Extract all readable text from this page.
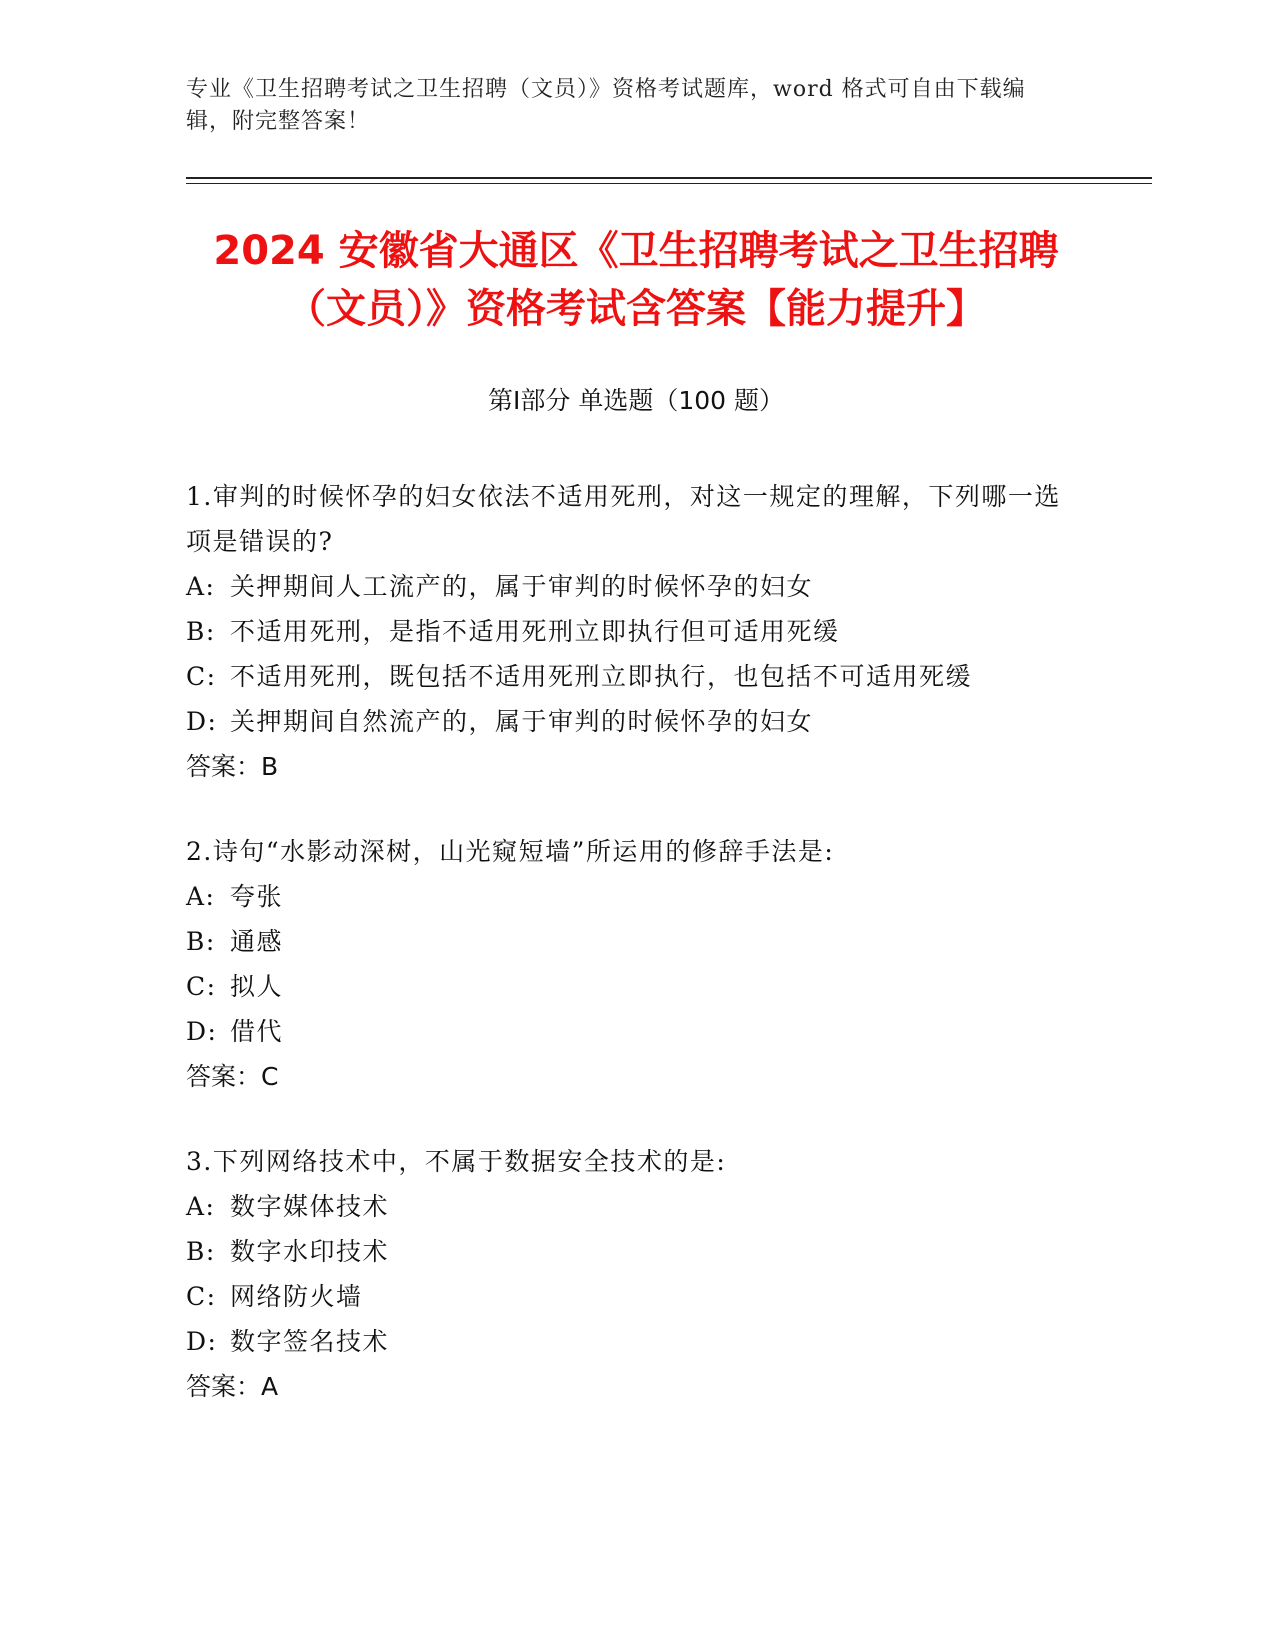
专业《卫生招聘考试之卫生招聘（文员）》资格考试题库，word 格式可自由下载编辑，附完整答案！
2024 安徽省大通区《卫生招聘考试之卫生招聘（文员）》资格考试含答案【能力提升】
第Ⅰ部分 单选题（100 题）

1.审判的时候怀孕的妇女依法不适用死刑，对这一规定的理解，下列哪一选项是错误的?

A: 关押期间人工流产的，属于审判的时候怀孕的妇女

B: 不适用死刑，是指不适用死刑立即执行但可适用死缓

C: 不适用死刑，既包括不适用死刑立即执行，也包括不可适用死缓

D: 关押期间自然流产的，属于审判的时候怀孕的妇女

答案：B

2.诗句“水影动深树，山光窥短墙”所运用的修辞手法是:

A: 夸张

B: 通感

C: 拟人

D: 借代

答案：C

3.下列网络技术中，不属于数据安全技术的是:

A: 数字媒体技术

B: 数字水印技术

C: 网络防火墙

D: 数字签名技术

答案：A
